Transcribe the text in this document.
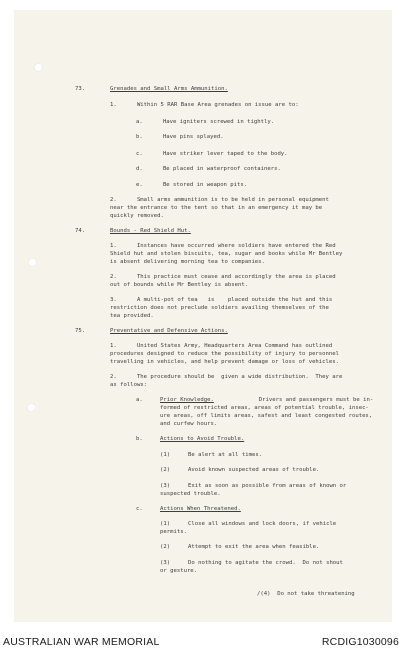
73.	Grenades and Small Arms Ammunition.
1.      Within 5 RAR Base Area grenades on issue are to:
a.      Have igniters screwed in tightly.
b.      Have pins splayed.
c.      Have striker lever taped to the body.
d.      Be placed in waterproof containers.
e.      Be stored in weapon pits.
2.      Small arms ammunition is to be held in personal equipment
near the entrance to the tent so that in an emergency it may be
quickly removed.
74.	Bounds - Red Shield Hut.
1.      Instances have occurred where soldiers have entered the Red
Shield hut and stolen biscuits, tea, sugar and books while Mr Bentley
is absent delivering morning tea to companies.
2.      This practice must cease and accordingly the area is placed
out of bounds while Mr Bentley is absent.
3.      A multi-pot of tea   is    placed outside the hut and this
restriction does not preclude soldiers availing themselves of the
tea provided.
75.	Preventative and Defensive Actions.
1.      United States Army, Headquarters Area Command has outlined
procedures designed to reduce the possibility of injury to personnel
travelling in vehicles, and help prevent damage or loss of vehicles.
2.      The procedure should be  given a wide distribution.  They are
as follows:
a.	Prior Knowledge.	Drivers and passengers must be in-
formed of restricted areas, areas of potential trouble, insec-
ure areas, off limits areas, safest and least congested routes,
and curfew hours.
b.	Actions to Avoid Trouble.
(1)	Be alert at all times.
(2)	Avoid known suspected areas of trouble.
(3)	Exit as soon as possible from areas of known or
suspected trouble.
c.	Actions When Threatened.
(1)	Close all windows and lock doors, if vehicle
permits.
(2)	Attempt to exit the area when feasible.
(3)	Do nothing to agitate the crowd.  Do not shout
or gesture.
/(4)  Do not take threatening
AUSTRALIAN WAR MEMORIAL	RCDIG1030096
